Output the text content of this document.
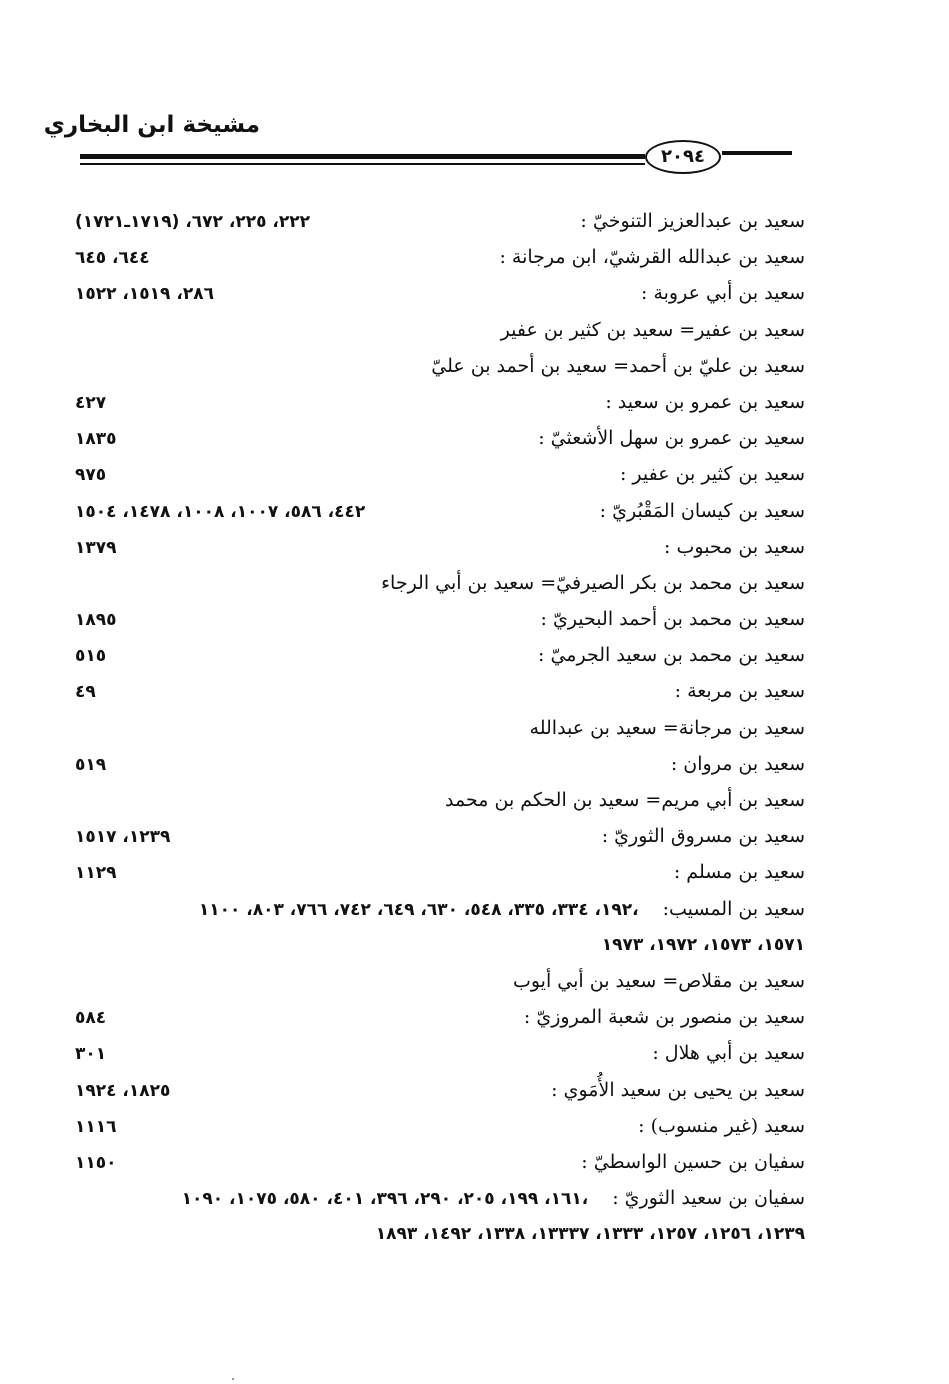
مشيخة ابن البخاري
٢٠٩٤
سعيد بن عبدالعزيز التنوخيّ :
٢٢٢، ٢٢٥، ٦٧٢، (١٧١٩ـ١٧٢١)
سعيد بن عبدالله القرشيّ، ابن مرجانة :
٦٤٤، ٦٤٥
سعيد بن أبي عروبة :
٢٨٦، ١٥١٩، ١٥٢٢
سعيد بن عفير= سعيد بن كثير بن عفير
سعيد بن عليّ بن أحمد= سعيد بن أحمد بن عليّ
سعيد بن عمرو بن سعيد :
٤٢٧
سعيد بن عمرو بن سهل الأشعثيّ :
١٨٣٥
سعيد بن كثير بن عفير :
٩٧٥
سعيد بن كيسان المَقْبُريّ :
٤٤٢، ٥٨٦، ١٠٠٧، ١٠٠٨، ١٤٧٨، ١٥٠٤
سعيد بن محبوب :
١٣٧٩
سعيد بن محمد بن بكر الصيرفيّ= سعيد بن أبي الرجاء
سعيد بن محمد بن أحمد البحيريّ :
١٨٩٥
سعيد بن محمد بن سعيد الجرميّ :
٥١٥
سعيد بن مربعة :
٤٩
سعيد بن مرجانة= سعيد بن عبدالله
سعيد بن مروان :
٥١٩
سعيد بن أبي مريم= سعيد بن الحكم بن محمد
سعيد بن مسروق الثوريّ :
١٢٣٩، ١٥١٧
سعيد بن مسلم :
١١٢٩
سعيد بن المسيب:
١٩٢، ٣٣٤، ٣٣٥، ٥٤٨، ٦٣٠، ٦٤٩، ٧٤٢، ٧٦٦، ٨٠٣، ١١٠٠،
١٥٧١، ١٥٧٣، ١٩٧٢، ١٩٧٣
سعيد بن مقلاص= سعيد بن أبي أيوب
سعيد بن منصور بن شعبة المروزيّ :
٥٨٤
سعيد بن أبي هلال :
٣٠١
سعيد بن يحيى بن سعيد الأُمَوي :
١٨٢٥، ١٩٢٤
سعيد (غير منسوب) :
١١١٦
سفيان بن حسين الواسطيّ :
١١٥٠
سفيان بن سعيد الثوريّ :
١٦١، ١٩٩، ٢٠٥، ٢٩٠، ٣٩٦، ٤٠١، ٥٨٠، ١٠٧٥، ١٠٩٠،
١٢٣٩، ١٢٥٦، ١٢٥٧، ١٣٣٣، ١٣٣٣٧، ١٣٣٨، ١٤٩٢، ١٨٩٣
